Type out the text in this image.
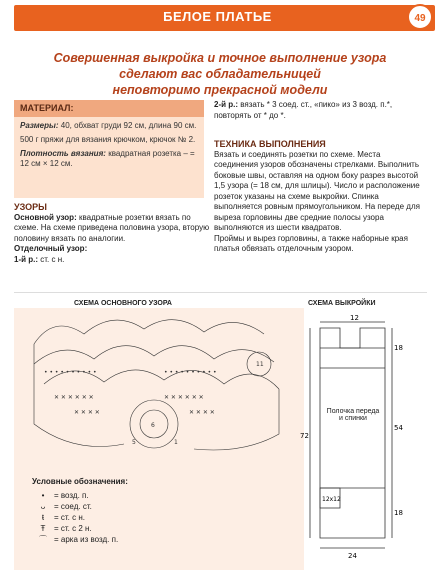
БЕЛОЕ ПЛАТЬЕ	49
Совершенная выкройка и точное выполнение узора
сделают вас обладательницей
неповторимо прекрасной модели
МАТЕРИАЛ:

Размеры: 40, обхват груди 92 см, длина 90 см.

500 г пряжи для вязания крючком, крючок № 2.

Плотность вязания: квадратная розетка – = 12 см × 12 см.

УЗОРЫ

Основной узор: квадратные розетки вязать по схеме. На схеме приведена половина узора, вторую половину вязать по аналогии.

Отделочный узор:

1-й р.: ст. с н.

2-й р.: вязать * 3 соед. ст., «пико» из 3 возд. п.*, повторять от * до *.

ТЕХНИКА ВЫПОЛНЕНИЯ

Вязать и соединять розетки по схеме. Места соединения узоров обозначены стрелками. Выполнить боковые швы, оставляя на одном боку разрез высотой 1,5 узора (= 18 см, для шлицы). Число и расположение розеток указаны на схеме выкройки. Спинка выполняется ровным прямоугольником. На переде для выреза горловины две средние полосы узора выполняются из шести квадратов.

Проймы и вырез горловины, а также наборные края платья обвязать отделочным узором.

СХЕМА ОСНОВНОГО УЗОРА
✕ ✕ ✕ ✕ ✕ ✕	✕ ✕ ✕ ✕ ✕ ✕
✕ ✕ ✕ ✕	✕ ✕ ✕ ✕
• • • • • • • • • •	• • • • • • • • • •
11
6
1
5
Условные обозначения:
•	= возд. п.
ᴗ	= соед. ст.
ŧ	= ст. с н.
Ŧ	= ст. с 2 н.
⌒ = арка из возд. п.
СХЕМА ВЫКРОЙКИ
12
18
54
18
72
12x12
24
Полочка переда и спинки
